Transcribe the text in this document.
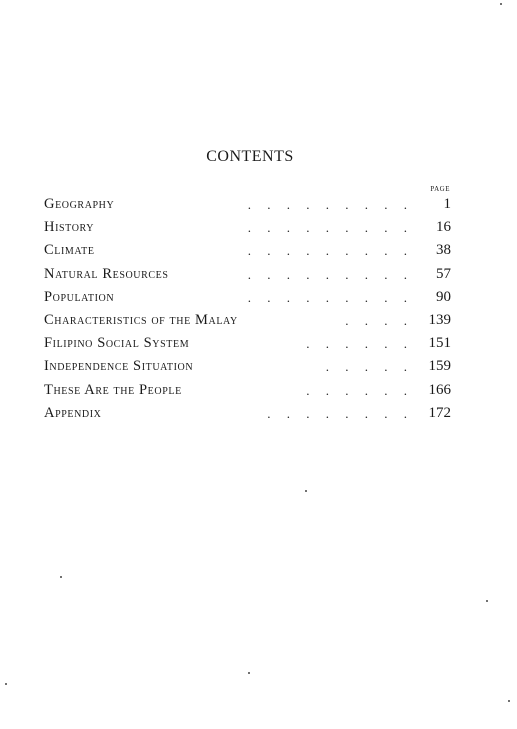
CONTENTS
PAGE
.     .     .     .     .     .     .     .     .
Geography	1
.     .     .     .     .     .     .     .     .
History	16
.     .     .     .     .     .     .     .     .
Climate	38
.     .     .     .     .     .     .     .     .
Natural Resources	57
.     .     .     .     .     .     .     .     .
Population	90
.     .     .     .
Characteristics of the Malay	139
.     .     .     .     .     .
Filipino Social System	151
.     .     .     .     .
Independence Situation	159
.     .     .     .     .     .
These Are the People	166
.     .     .     .     .     .     .     .
Appendix	172
